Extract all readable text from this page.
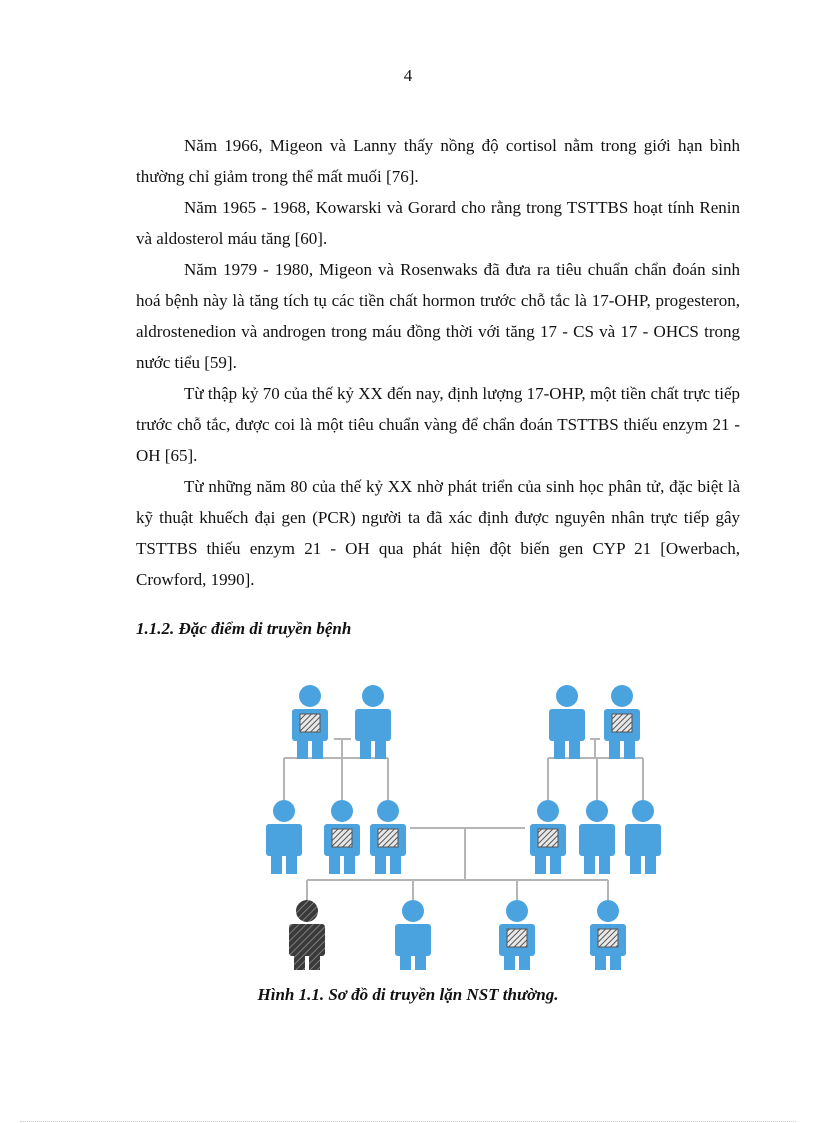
4

Năm 1966, Migeon và Lanny thấy nồng độ cortisol nằm trong giới hạn bình thường chỉ giảm trong thể mất muối [76].

Năm 1965 - 1968, Kowarski và Gorard cho rằng trong TSTTBS hoạt tính Renin và aldosterol máu tăng [60].

Năm 1979 - 1980, Migeon và Rosenwaks đã đưa ra tiêu chuẩn chẩn đoán sinh hoá bệnh này là tăng tích tụ các tiền chất hormon trước chỗ tắc là 17-OHP, progesteron, aldrostenedion và androgen trong máu đồng thời với tăng 17 - CS và 17 - OHCS trong nước tiểu [59].

Từ thập kỷ 70 của thế kỷ XX đến nay, định lượng 17-OHP, một tiền chất trực tiếp trước chỗ tắc, được coi là một tiêu chuẩn vàng để chẩn đoán TSTTBS thiếu enzym 21 - OH [65].

Từ những năm 80 của thế kỷ XX nhờ phát triển của sinh học phân tử, đặc biệt là kỹ thuật khuếch đại gen (PCR) người ta đã xác định được nguyên nhân trực tiếp gây TSTTBS thiếu enzym 21 - OH qua phát hiện đột biến gen CYP 21 [Owerbach, Crowford, 1990].

1.1.2. Đặc điểm di truyền bệnh

Hình 1.1. Sơ đồ di truyền lặn NST thường.
